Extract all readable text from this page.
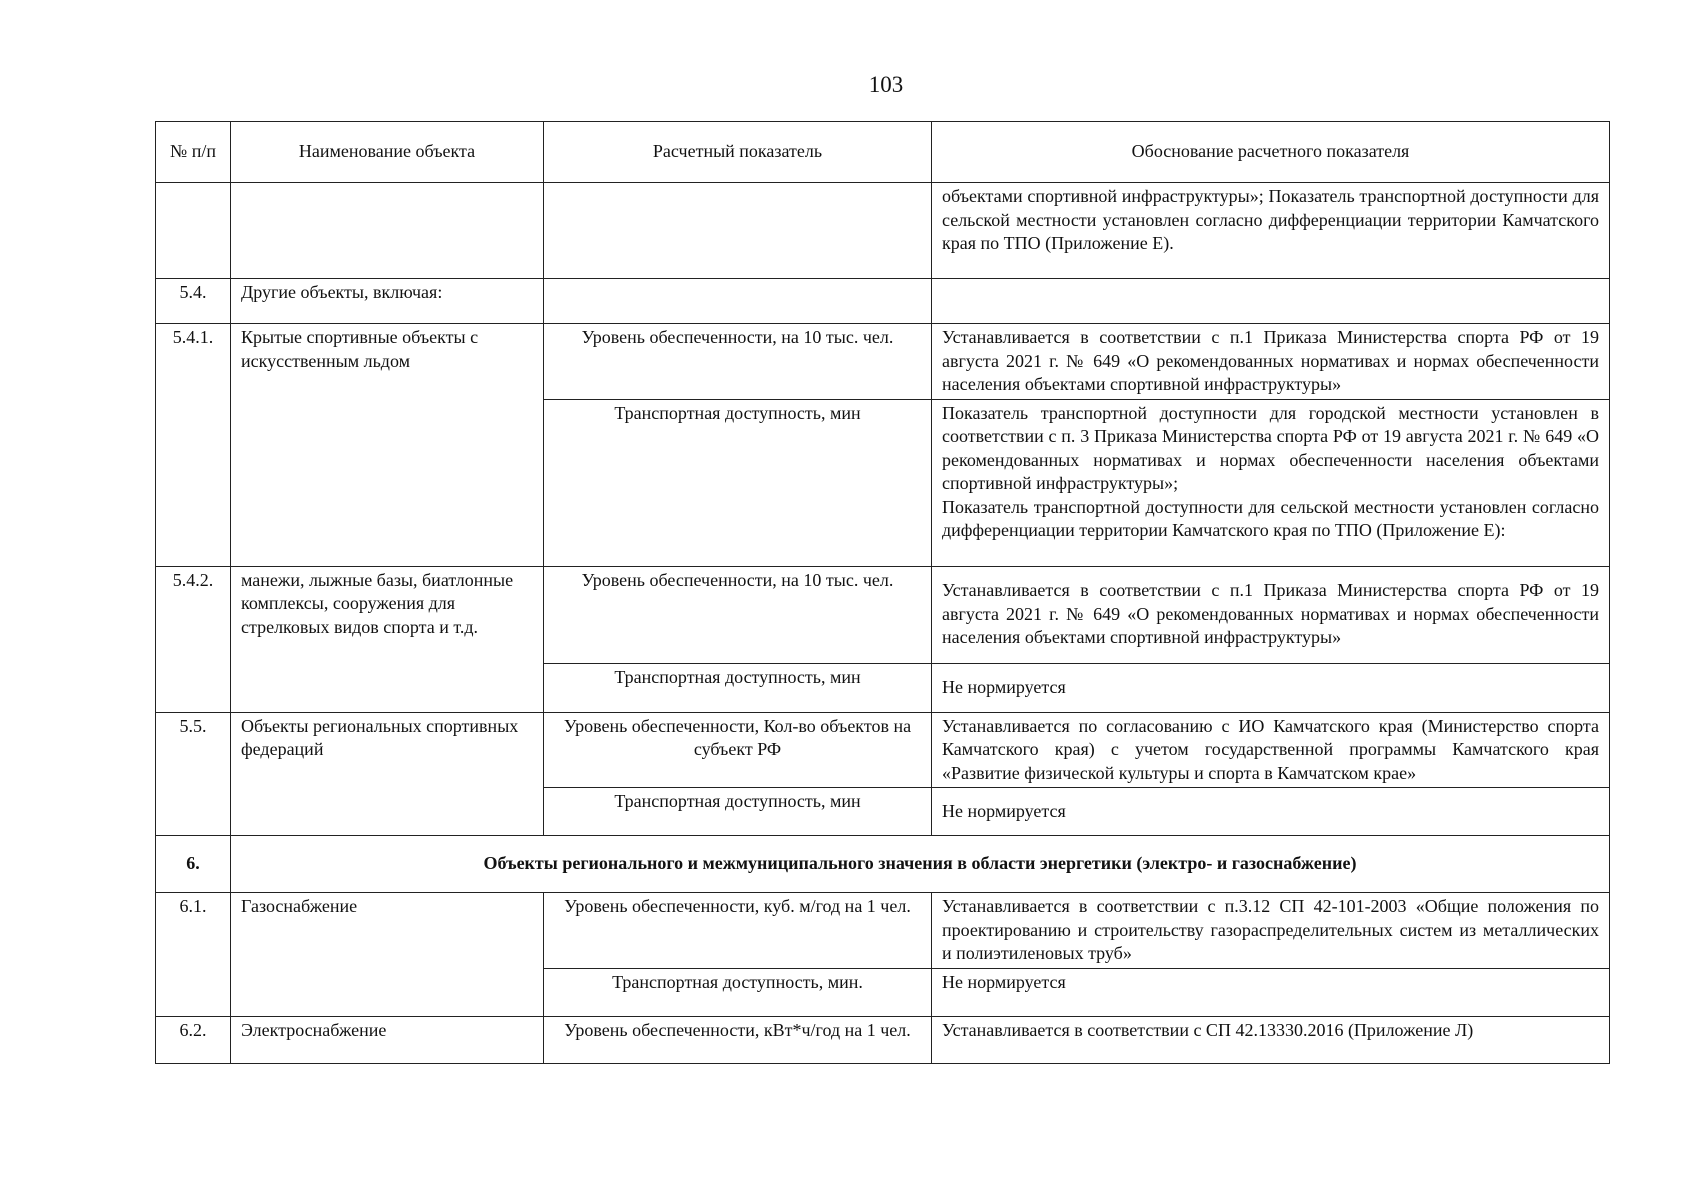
103
№ п/п	Наименование объекта	Расчетный показатель	Обоснование расчетного показателя
			объектами спортивной инфраструктуры»; Показатель транспортной доступности для сельской местности установлен согласно дифференциации территории Камчатского края по ТПО (Приложение Е).
5.4.	Другие объекты, включая:		
5.4.1.	Крытые спортивные объекты с искусственным льдом	Уровень обеспеченности, на 10 тыс. чел.	Устанавливается в соответствии с п.1 Приказа Министерства спорта РФ от 19 августа 2021 г. № 649 «О рекомендованных нормативах и нормах обеспеченности населения объектами спортивной инфраструктуры»
		Транспортная доступность, мин	Показатель транспортной доступности для городской местности установлен в соответствии с п. 3 Приказа Министерства спорта РФ от 19 августа 2021 г. № 649 «О рекомендованных нормативах и нормах обеспеченности населения объектами спортивной инфраструктуры»;
Показатель транспортной доступности для сельской местности установлен согласно дифференциации территории Камчатского края по ТПО (Приложение Е):

5.4.2.	манежи, лыжные базы, биатлонные комплексы, сооружения для стрелковых видов спорта и т.д.	Уровень обеспеченности, на 10 тыс. чел.	Устанавливается в соответствии с п.1 Приказа Министерства спорта РФ от 19 августа 2021 г. № 649 «О рекомендованных нормативах и нормах обеспеченности населения объектами спортивной инфраструктуры»
		Транспортная доступность, мин	Не нормируется
5.5.	Объекты региональных спортивных федераций	Уровень обеспеченности, Кол-во объектов на субъект РФ	Устанавливается по согласованию с ИО Камчатского края (Министерство спорта Камчатского края) с учетом государственной программы Камчатского края «Развитие физической культуры и спорта в Камчатском крае»
		Транспортная доступность, мин	Не нормируется
6.	Объекты регионального и межмуниципального значения в области энергетики (электро- и газоснабжение)		
6.1.	Газоснабжение	Уровень обеспеченности, куб. м/год на 1 чел.	Устанавливается в соответствии с п.3.12 СП 42-101-2003 «Общие положения по проектированию и строительству газораспределительных систем из металлических и полиэтиленовых труб»
		Транспортная доступность, мин.	Не нормируется
6.2.	Электроснабжение	Уровень обеспеченности, кВт*ч/год на 1 чел.	Устанавливается в соответствии с СП 42.13330.2016 (Приложение Л)
